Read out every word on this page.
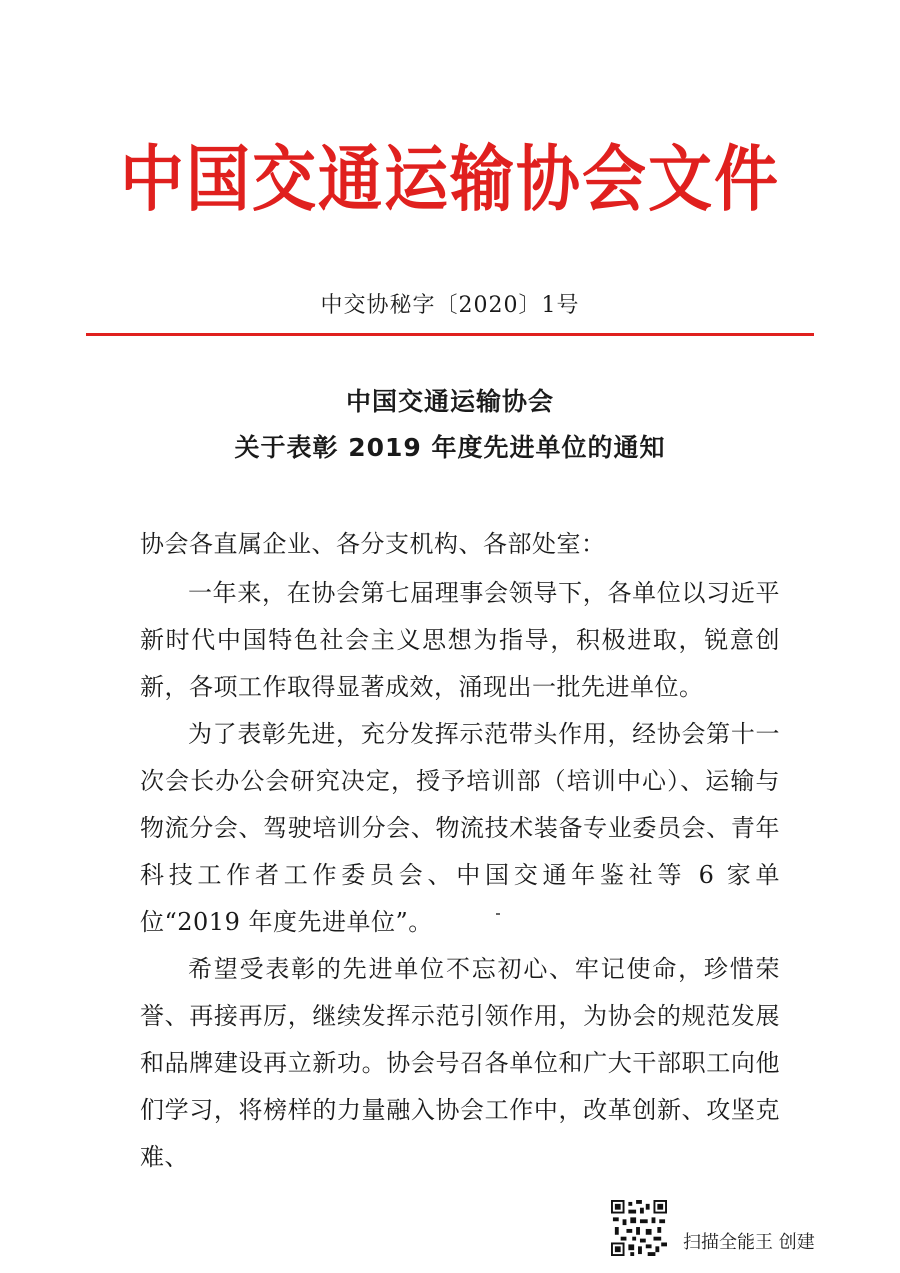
中国交通运输协会文件
中交协秘字〔2020〕1号
中国交通运输协会
关于表彰 2019 年度先进单位的通知
协会各直属企业、各分支机构、各部处室：
一年来，在协会第七届理事会领导下，各单位以习近平新时代中国特色社会主义思想为指导，积极进取，锐意创新，各项工作取得显著成效，涌现出一批先进单位。
为了表彰先进，充分发挥示范带头作用，经协会第十一次会长办公会研究决定，授予培训部（培训中心）、运输与物流分会、驾驶培训分会、物流技术装备专业委员会、青年科技工作者工作委员会、中国交通年鉴社等 6 家单位“2019 年度先进单位”。
希望受表彰的先进单位不忘初心、牢记使命，珍惜荣誉、再接再厉，继续发挥示范引领作用，为协会的规范发展和品牌建设再立新功。协会号召各单位和广大干部职工向他们学习，将榜样的力量融入协会工作中，改革创新、攻坚克难、
扫描全能王 创建
